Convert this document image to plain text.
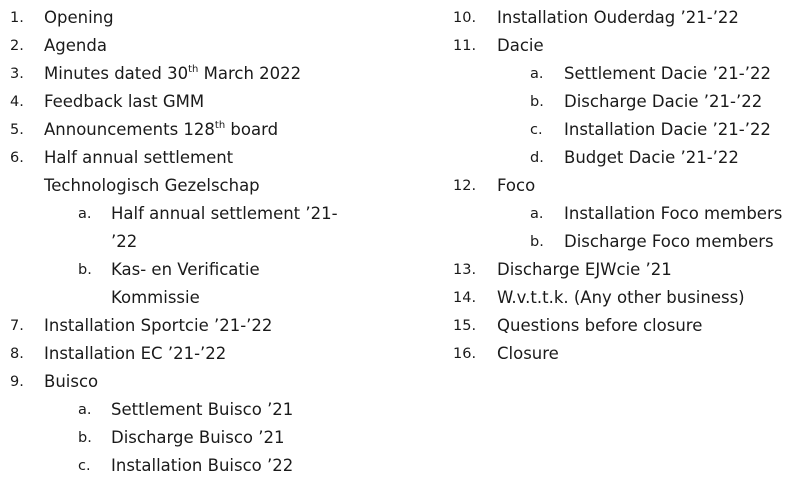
1. Opening
2. Agenda
3. Minutes dated 30th March 2022
4. Feedback last GMM
5. Announcements 128th board
6. Half annual settlement
Technologisch Gezelschap
a. Half annual settlement ’21-
’22
b. Kas- en Verificatie
Kommissie
7. Installation Sportcie ’21-’22
8. Installation EC ’21-’22
9. Buisco
a. Settlement Buisco ’21
b. Discharge Buisco ’21
c. Installation Buisco ’22
10. Installation Ouderdag ’21-’22
11. Dacie
a. Settlement Dacie ’21-’22
b. Discharge Dacie ’21-’22
c. Installation Dacie ’21-’22
d. Budget Dacie ’21-’22
12. Foco
a. Installation Foco members
b. Discharge Foco members
13. Discharge EJWcie ’21
14. W.v.t.t.k. (Any other business)
15. Questions before closure
16. Closure
